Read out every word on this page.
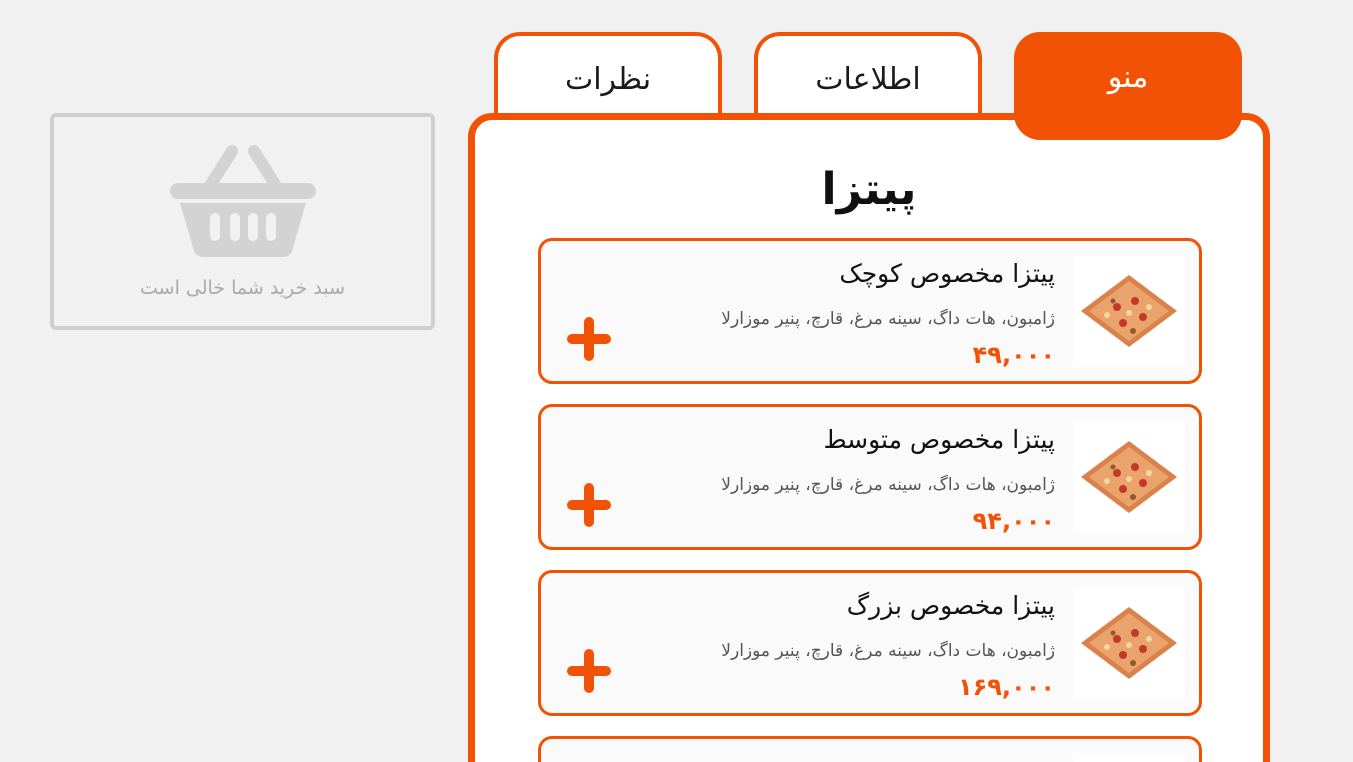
نظرات	اطلاعات	منو
پیتزا
پیتزا مخصوص کوچک
ژامبون، هات داگ، سینه مرغ، قارچ، پنیر موزارلا
۴۹,۰۰۰
پیتزا مخصوص متوسط
ژامبون، هات داگ، سینه مرغ، قارچ، پنیر موزارلا
۹۴,۰۰۰
پیتزا مخصوص بزرگ
ژامبون، هات داگ، سینه مرغ، قارچ، پنیر موزارلا
۱۶۹,۰۰۰
سبد خرید شما خالی است
